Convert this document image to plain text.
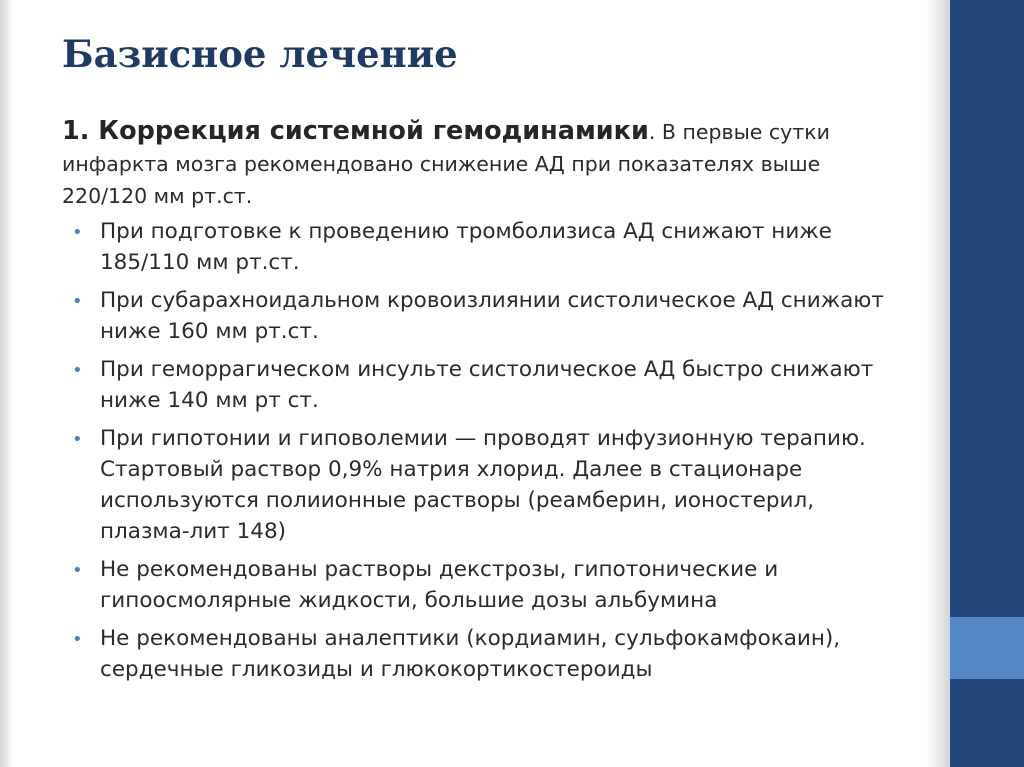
Базисное лечение

1. Коррекция системной гемодинамики. В первые сутки инфаркта мозга рекомендовано снижение АД при показателях выше 220/120 мм рт.ст.

• При подготовке к проведению тромболизиса АД снижают ниже 185/110 мм рт.ст.
• При субарахноидальном кровоизлиянии систолическое АД снижают ниже 160 мм рт.ст.
• При геморрагическом инсульте систолическое АД быстро снижают ниже 140 мм рт ст.
• При гипотонии и гиповолемии — проводят инфузионную терапию. Стартовый раствор 0,9% натрия хлорид. Далее в стационаре используются полиионные растворы (реамберин, ионостерил, плазма-лит 148)
• Не рекомендованы растворы декстрозы, гипотонические и гипоосмолярные жидкости, большие дозы альбумина
• Не рекомендованы аналептики (кордиамин, сульфокамфокаин), сердечные гликозиды и глюкокортикостероиды
